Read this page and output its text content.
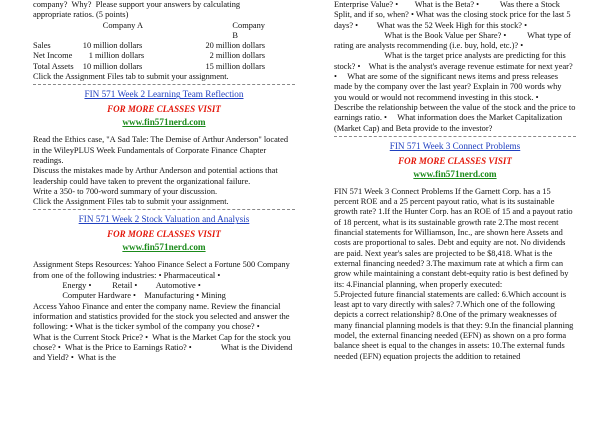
company?  Why?  Please support your answers by calculating

appropriate ratios. (5 points)

	Company A	Company B
Sales	10 million dollars	20 million dollars
Net Income	1 million dollars	2 million dollars
Total Assets	10 million dollars	15 million dollars

Click the Assignment Files tab to submit your assignment.

FIN 571 Week 2 Learning Team Reflection
FOR MORE CLASSES VISIT
www.fin571nerd.com

Read the Ethics case, "A Sad Tale: The Demise of Arthur Anderson" located in the WileyPLUS Week Fundamentals of Corporate Finance Chapter readings.
Discuss the mistakes made by Arthur Anderson and potential actions that leadership could have taken to prevent the organizational failure.
Write a 350- to 700-word summary of your discussion.
Click the Assignment Files tab to submit your assignment.

FIN 571 Week 2 Stock Valuation and Analysis
FOR MORE CLASSES VISIT
www.fin571nerd.com

Assignment Steps Resources: Yahoo Finance Select a Fortune 500 Company from one of the following industries: • Pharmaceutical •
Energy •          Retail •         Automotive •
Computer Hardware •    Manufacturing • Mining
Access Yahoo Finance and enter the company name. Review the financial information and statistics provided for the stock you selected and answer the following: • What is the ticker symbol of the company you chose? •          What is the Current Stock Price? •  What is the Market Cap for the stock you chose? •  What is the Price to Earnings Ratio? •              What is the Dividend and Yield? •  What is the

Enterprise Value? •        What is the Beta? •          Was there a Stock Split, and if so, when? • What was the closing stock price for the last 5 days? •         What was the 52 Week High for this stock? •
What is the Book Value per Share? •          What type of rating are analysts recommending (i.e. buy, hold, etc.)? •
What is the target price analysts are predicting for this stock? •    What is the analyst's average revenue estimate for next year? •     What are some of the significant news items and press releases made by the company over the last year? Explain in 700 words why you would or would not recommend investing in this stock. •         Describe the relationship between the value of the stock and the price to earnings ratio. •     What information does the Market Capitalization (Market Cap) and Beta provide to the investor?

FIN 571 Week 3 Connect Problems
FOR MORE CLASSES VISIT
www.fin571nerd.com

FIN 571 Week 3 Connect Problems If the Garnett Corp. has a 15 percent ROE and a 25 percent payout ratio, what is its sustainable growth rate? 1.If the Hunter Corp. has an ROE of 15 and a payout ratio of 18 percent, what is its sustainable growth rate 2.The most recent financial statements for Williamson, Inc., are shown here Assets and costs are proportional to sales. Debt and equity are not. No dividends are paid. Next year's sales are projected to be $8,418. What is the external financing needed? 3.The maximum rate at which a firm can grow while maintaining a constant debt-equity ratio is best defined by its: 4.Financial planning, when properly executed:
5.Projected future financial statements are called: 6.Which account is least apt to vary directly with sales? 7.Which one of the following depicts a correct relationship? 8.One of the primary weaknesses of many financial planning models is that they: 9.In the financial planning model, the external financing needed (EFN) as shown on a pro forma balance sheet is equal to the changes in assets: 10.The external funds needed (EFN) equation projects the addition to retained
